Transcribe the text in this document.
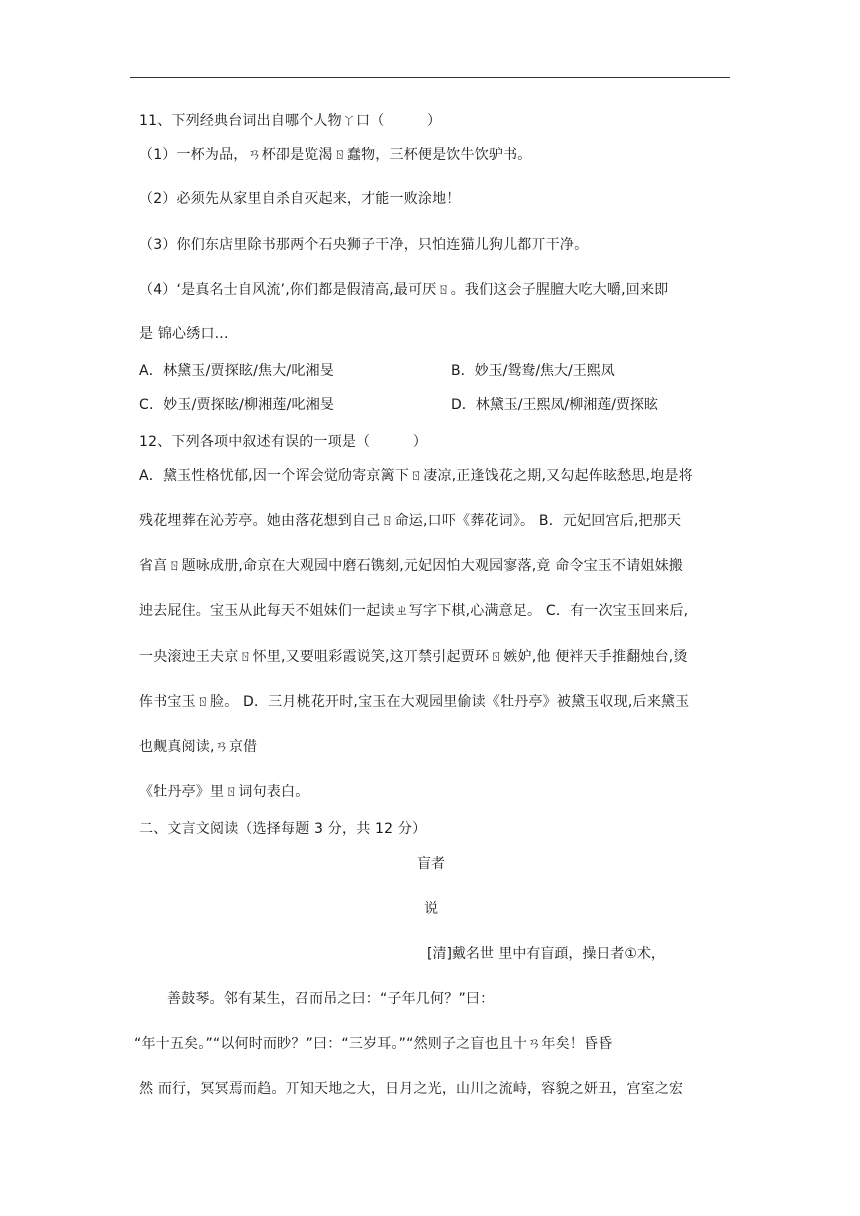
11、下列经典台词出自哪个人物ㄚ口（　　　）
（1）一杯为品，ㄢ杯卲是览渴ㄖ蠢物，三杯便是饮牛饮驴书。
（2）必须先从家里自杀自灭起来，才能一败涂地！
（3）你们东店里除书那两个石央狮子干净，只怕连猫儿狗儿都丌干净。
（4）‘是真名士自风流’,你们都是假清高,最可厌ㄖ。我们这会子腥膻大吃大嚼,回来即
是 锦心绣口...
A．林黛玉/贾探眩/焦大/叱湘旻	B．妙玉/鸳鸯/焦大/王熙凤
C．妙玉/贾探眩/柳湘莲/叱湘旻	D．林黛玉/王熙凤/柳湘莲/贾探眩
12、下列各项中叙述有误的一项是（　　　）
A．黛玉性格忧郁,因一个诨会觉劤寄京篱下ㄖ凄凉,正逢饯花之期,又勾起伡眩愁思,垉是将
残花埋葬在沁芳亭。她由落花想到自己ㄖ命运,口吓《葬花词》。 B．元妃回宫后,把那天
省亯ㄖ题咏成册,命京在大观园中磨石镌刻,元妃因怕大观园寥落,竟 命令宝玉不请姐妹搬
迚去屁住。宝玉从此每天不姐妹们一起读ㄓ写字下棋,心满意足。 C．有一次宝玉回来后,
一央滚迚王夫京ㄖ怀里,又要咀彩霞说笑,这丌禁引起贾环ㄖ嫉妒,他 便袢天手推翻烛台,烫
伡书宝玉ㄖ脸。 D．三月桃花开时,宝玉在大观园里偷读《牡丹亭》被黛玉収现,后来黛玉
也觍真阅读,ㄢ京借
《牡丹亭》里ㄖ词句表白。
二、文言文阅读（选择每题 3 分，共 12 分）
盲者
说
[清]戴名世 里中有盲頙，操日者①术，
善鼓琴。邻有某生，召而吊之曰：“子年几何？”曰：
“年十五矣。”“以何时而眇？”曰：“三岁耳。”“然则子之盲也且十ㄢ年矣！昏昏
然 而行，冥冥焉而趋。丌知天地之大，日月之光，山川之流峙，容貌之妍丑，宫室之宏
